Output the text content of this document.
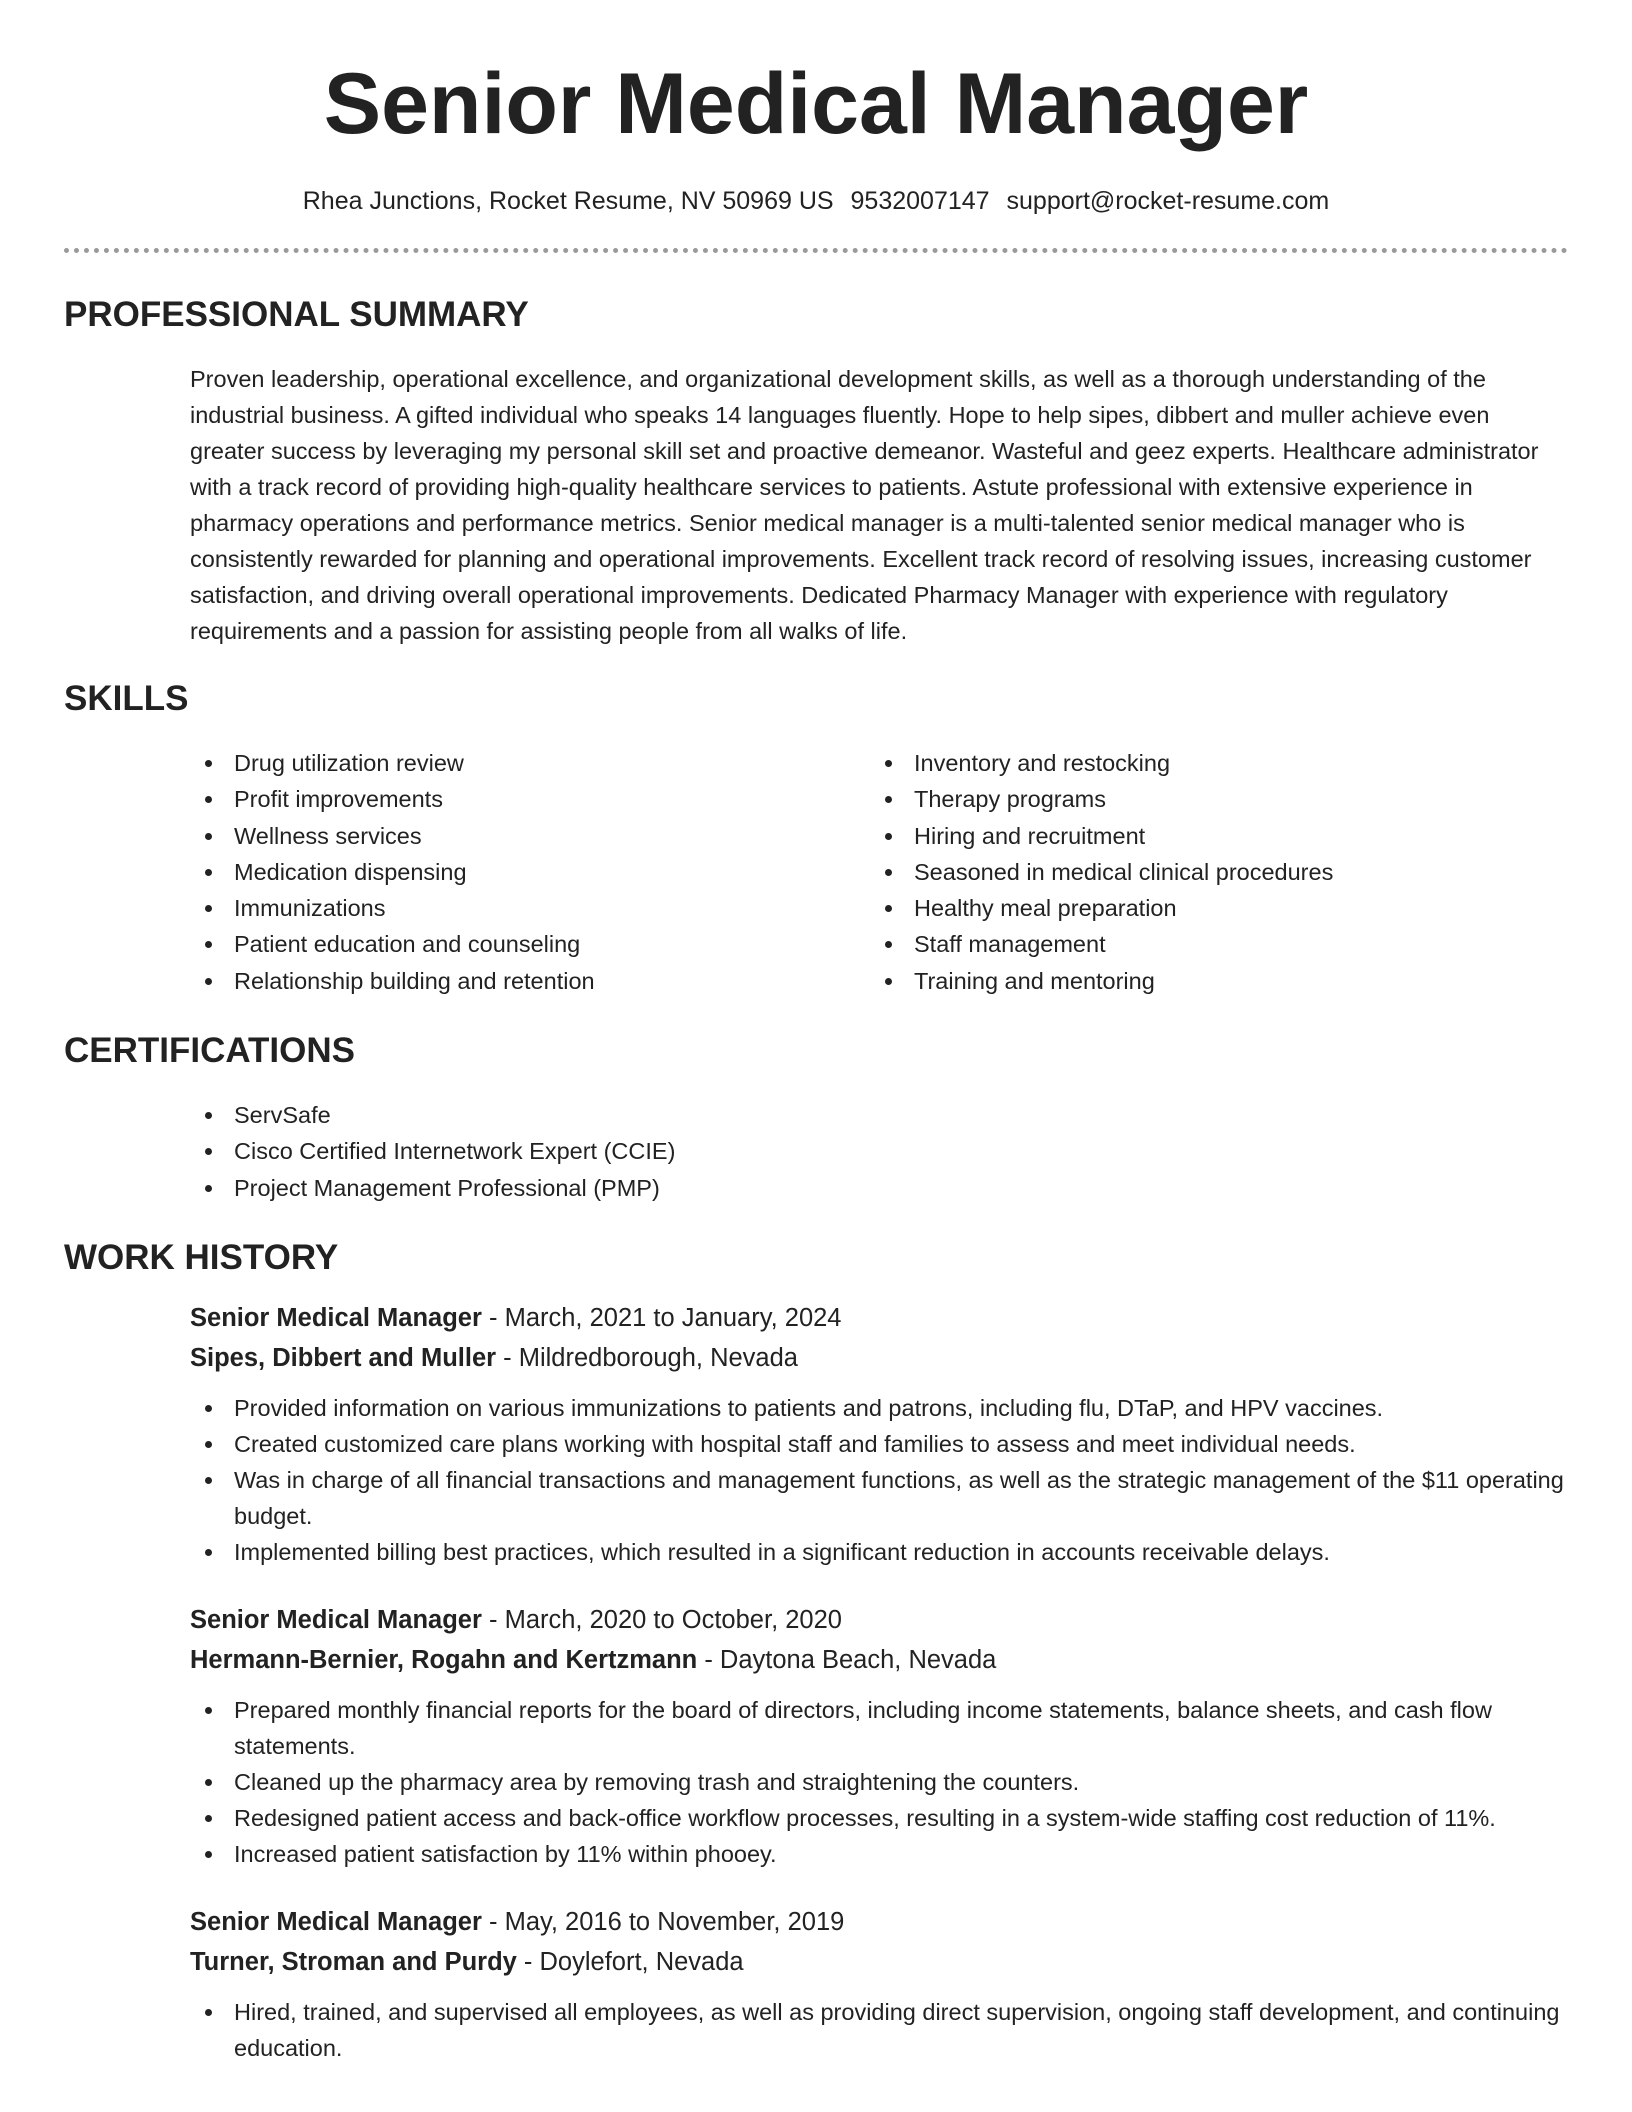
Senior Medical Manager
Rhea Junctions, Rocket Resume, NV 50969 US 9532007147 support@rocket-resume.com
PROFESSIONAL SUMMARY

Proven leadership, operational excellence, and organizational development skills, as well as a thorough understanding of the industrial business. A gifted individual who speaks 14 languages fluently. Hope to help sipes, dibbert and muller achieve even greater success by leveraging my personal skill set and proactive demeanor. Wasteful and geez experts. Healthcare administrator with a track record of providing high-quality healthcare services to patients. Astute professional with extensive experience in pharmacy operations and performance metrics. Senior medical manager is a multi-talented senior medical manager who is consistently rewarded for planning and operational improvements. Excellent track record of resolving issues, increasing customer satisfaction, and driving overall operational improvements. Dedicated Pharmacy Manager with experience with regulatory requirements and a passion for assisting people from all walks of life.

SKILLS
Drug utilization review
Profit improvements
Wellness services
Medication dispensing
Immunizations
Patient education and counseling
Relationship building and retention
Inventory and restocking
Therapy programs
Hiring and recruitment
Seasoned in medical clinical procedures
Healthy meal preparation
Staff management
Training and mentoring
CERTIFICATIONS
ServSafe
Cisco Certified Internetwork Expert (CCIE)
Project Management Professional (PMP)
WORK HISTORY
Senior Medical Manager - March, 2021 to January, 2024
Sipes, Dibbert and Muller - Mildredborough, Nevada
Provided information on various immunizations to patients and patrons, including flu, DTaP, and HPV vaccines.
Created customized care plans working with hospital staff and families to assess and meet individual needs.
Was in charge of all financial transactions and management functions, as well as the strategic management of the $11 operating budget.
Implemented billing best practices, which resulted in a significant reduction in accounts receivable delays.
Senior Medical Manager - March, 2020 to October, 2020
Hermann-Bernier, Rogahn and Kertzmann - Daytona Beach, Nevada
Prepared monthly financial reports for the board of directors, including income statements, balance sheets, and cash flow statements.
Cleaned up the pharmacy area by removing trash and straightening the counters.
Redesigned patient access and back-office workflow processes, resulting in a system-wide staffing cost reduction of 11%.
Increased patient satisfaction by 11% within phooey.
Senior Medical Manager - May, 2016 to November, 2019
Turner, Stroman and Purdy - Doylefort, Nevada
Hired, trained, and supervised all employees, as well as providing direct supervision, ongoing staff development, and continuing education.
